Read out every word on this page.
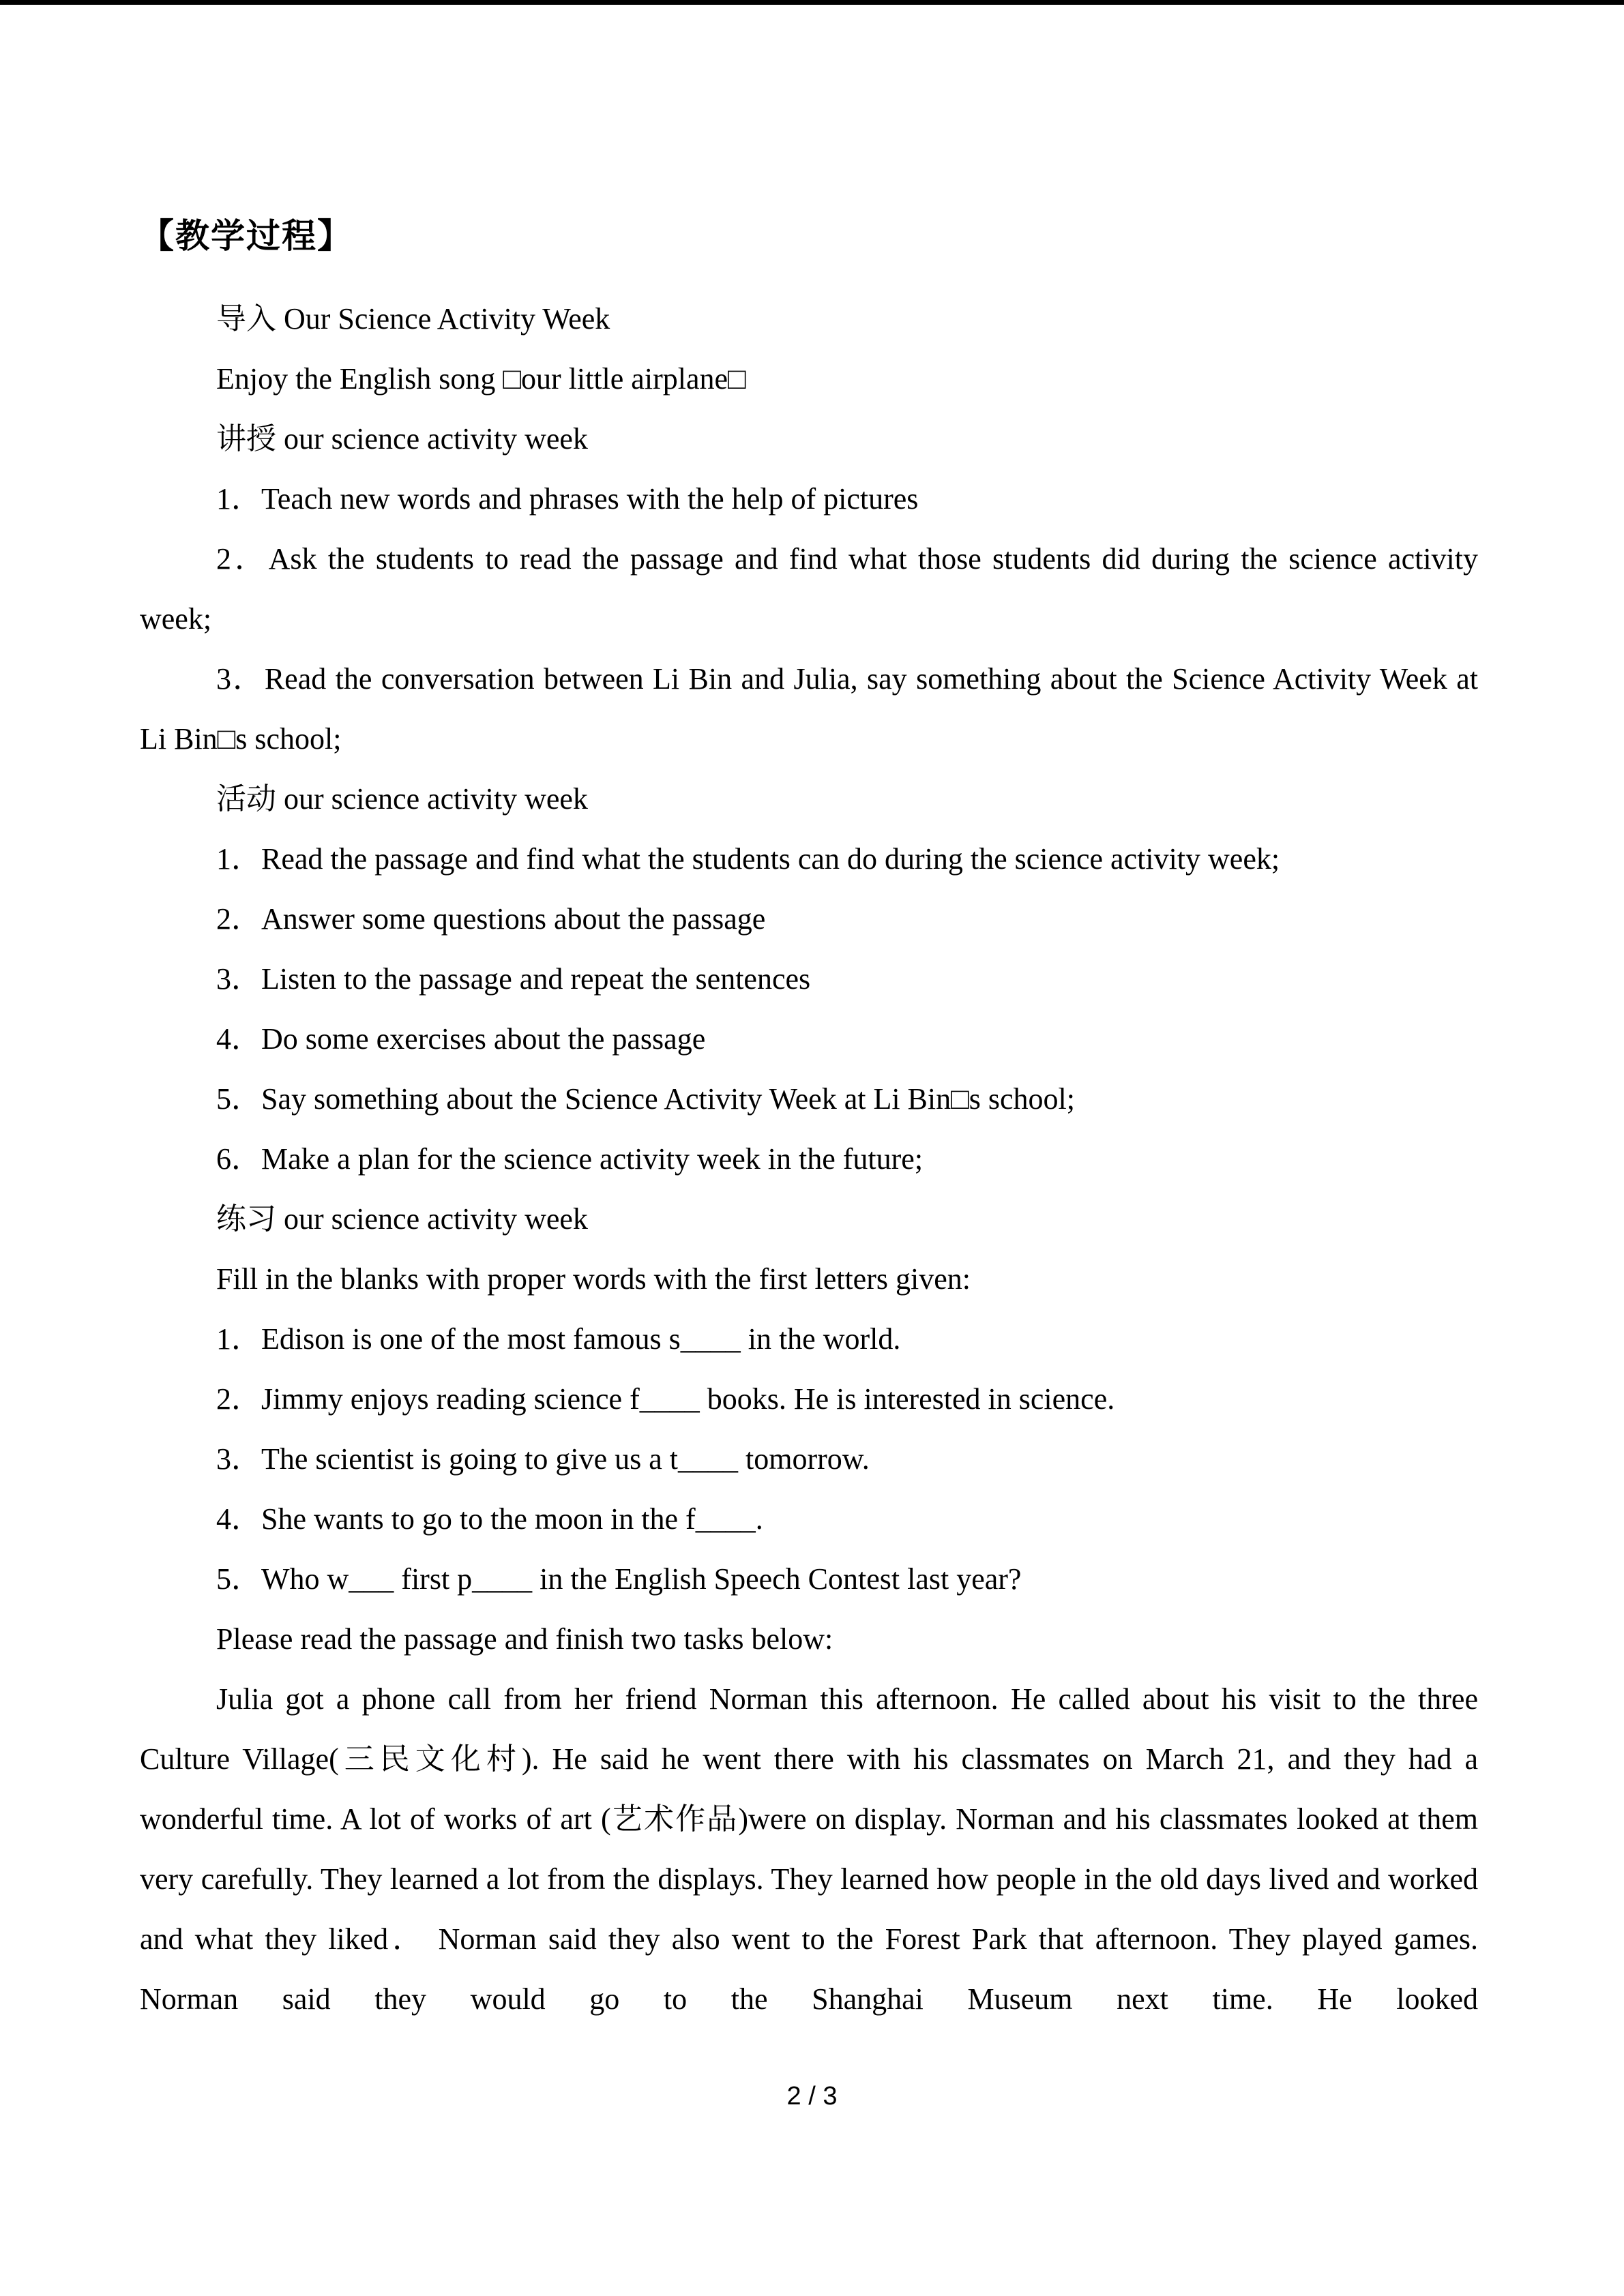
【教学过程】

导入 Our Science Activity Week

Enjoy the English song □our little airplane□

讲授 our science activity week

1．Teach new words and phrases with the help of pictures

2．Ask the students to read the passage and find what those students did during the science activity week;

3．Read the conversation between Li Bin and Julia, say something about the Science Activity Week at Li Bin□s school;

活动 our science activity week

1．Read the passage and find what the students can do during the science activity week;

2．Answer some questions about the passage

3．Listen to the passage and repeat the sentences

4．Do some exercises about the passage

5．Say something about the Science Activity Week at Li Bin□s school;

6．Make a plan for the science activity week in the future;

练习 our science activity week

Fill in the blanks with proper words with the first letters given:

1．Edison is one of the most famous s____ in the world.

2．Jimmy enjoys reading science f____ books. He is interested in science.

3．The scientist is going to give us a t____ tomorrow.

4．She wants to go to the moon in the f____.

5．Who w___ first p____ in the English Speech Contest last year?

Please read the passage and finish two tasks below:

Julia got a phone call from her friend Norman this afternoon. He called about his visit to the three Culture Village(三民文化村). He said he went there with his classmates on March 21, and they had a wonderful time. A lot of works of art (艺术作品)were on display. Norman and his classmates looked at them very carefully. They learned a lot from the displays. They learned how people in the old days lived and worked and what they liked． Norman said they also went to the Forest Park that afternoon. They played games. Norman said they would go to the Shanghai Museum next time. He looked

2 / 3
